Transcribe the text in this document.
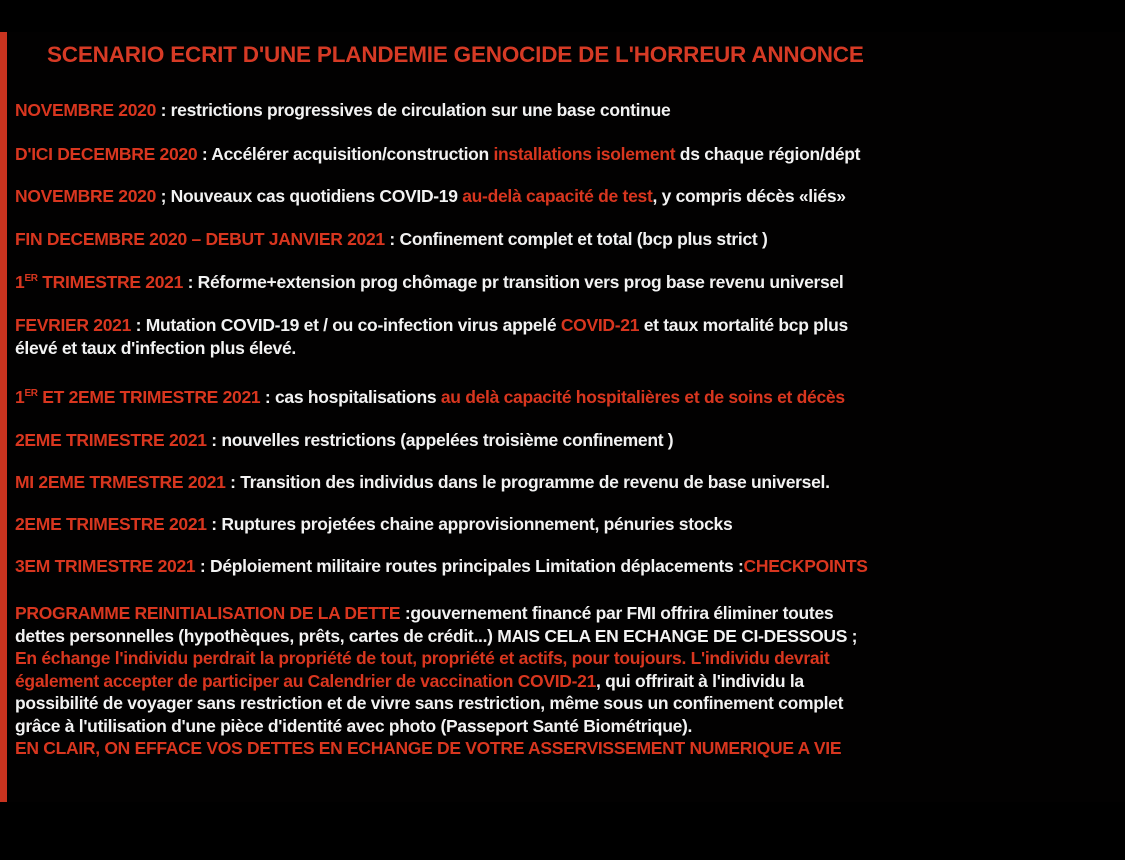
SCENARIO ECRIT D'UNE PLANDEMIE GENOCIDE DE L'HORREUR ANNONCE
NOVEMBRE 2020 : restrictions progressives de circulation sur une base continue
D'ICI DECEMBRE 2020 : Accélérer acquisition/construction installations isolement ds chaque région/dépt
NOVEMBRE 2020 ; Nouveaux cas quotidiens COVID-19 au-delà capacité de test, y compris décès «liés»
FIN DECEMBRE 2020 – DEBUT JANVIER 2021 : Confinement complet et total (bcp plus strict )
1ER TRIMESTRE 2021 : Réforme+extension prog chômage pr transition vers prog base revenu universel
FEVRIER 2021 : Mutation COVID-19 et / ou co-infection virus appelé COVID-21 et taux mortalité bcp plus
élevé et taux d'infection plus élevé.
1ER ET 2EME TRIMESTRE 2021 : cas hospitalisations au delà capacité hospitalières et de soins et décès
2EME TRIMESTRE 2021 : nouvelles restrictions (appelées troisième confinement )
MI 2EME TRMESTRE 2021 : Transition des individus dans le programme de revenu de base universel.
2EME TRIMESTRE 2021 : Ruptures projetées chaine approvisionnement, pénuries stocks
3EM TRIMESTRE 2021 : Déploiement militaire routes principales Limitation déplacements :CHECKPOINTS
PROGRAMME REINITIALISATION DE LA DETTE :gouvernement financé par FMI offrira éliminer toutes
dettes personnelles (hypothèques, prêts, cartes de crédit...) MAIS CELA EN ECHANGE DE CI-DESSOUS ;
En échange l'individu perdrait la propriété de tout, propriété et actifs, pour toujours. L'individu devrait
également accepter de participer au Calendrier de vaccination COVID-21, qui offrirait à l'individu la
possibilité de voyager sans restriction et de vivre sans restriction, même sous un confinement complet
grâce à l'utilisation d'une pièce d'identité avec photo (Passeport Santé Biométrique).
EN CLAIR, ON EFFACE VOS DETTES EN ECHANGE DE VOTRE ASSERVISSEMENT NUMERIQUE A VIE
